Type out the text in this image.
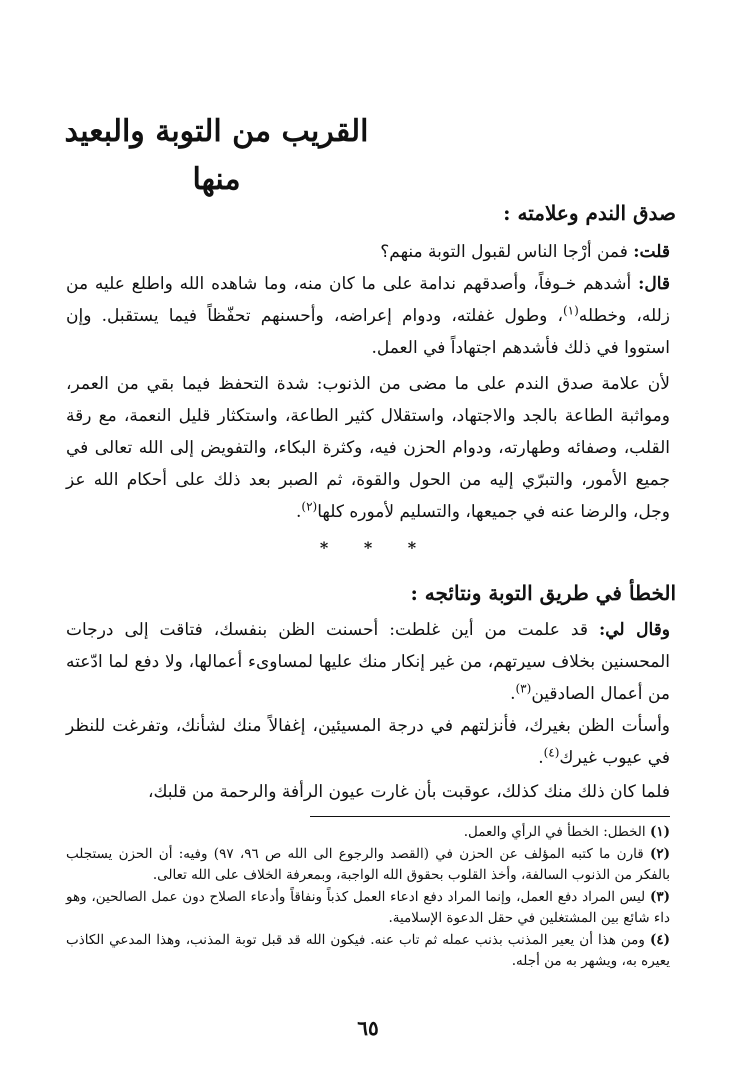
القريب من التوبة والبعيد منها
صدق الندم وعلامته :
قلت: فمن أرْجا الناس لقبول التوبة منهم؟
قال: أشدهم خـوفاً، وأصدقهم ندامة على ما كان منه، وما شاهده الله واطلع عليه من زلله، وخطله$^{(١)}$، وطول غفلته، ودوام إعراضه، وأحسنهم تحفّظاً فيما يستقبل. وإن استووا في ذلك فأشدهم اجتهاداً في العمل.
لأن علامة صدق الندم على ما مضى من الذنوب: شدة التحفظ فيما بقي من العمر، ومواثبة الطاعة بالجد والاجتهاد، واستقلال كثير الطاعة، واستكثار قليل النعمة، مع رقة القلب، وصفائه وطهارته، ودوام الحزن فيه، وكثرة البكاء، والتفويض إلى الله تعالى في جميع الأمور، والتبرّي إليه من الحول والقوة، ثم الصبر بعد ذلك على أحكام الله عز وجل، والرضا عنه في جميعها، والتسليم لأموره كلها$^{(٢)}$.
* * *
الخطأ في طريق التوبة ونتائجه :
وقال لي: قد علمت من أين غلطت: أحسنت الظن بنفسك، فتاقت إلى درجات المحسنين بخلاف سيرتهم، من غير إنكار منك عليها لمساوىء أعمالها، ولا دفع لما ادّعته من أعمال الصادقين$^{(٣)}$.
وأسأت الظن بغيرك، فأنزلتهم في درجة المسيئين، إغفالاً منك لشأنك، وتفرغت للنظر في عيوب غيرك$^{(٤)}$.
فلما كان ذلك منك كذلك، عوقبت بأن غارت عيون الرأفة والرحمة من قلبك،
(١) الخطل: الخطأ في الرأي والعمل.
(٢) قارن ما كتبه المؤلف عن الحزن في (القصد والرجوع الى الله ص ٩٦، ٩٧) وفيه: أن الحزن يستجلب بالفكر من الذنوب السالفة، وأخذ القلوب بحقوق الله الواجبة، وبمعرفة الخلاف على الله تعالى.
(٣) ليس المراد دفع العمل، وإنما المراد دفع ادعاء العمل كذباً ونفاقاً وأدعاء الصلاح دون عمل الصالحين، وهو داء شائع بين المشتغلين في حقل الدعوة الإسلامية.
(٤) ومن هذا أن يعير المذنب بذنب عمله ثم تاب عنه. فيكون الله قد قبل توبة المذنب، وهذا المدعي الكاذب يعيره به، ويشهر به من أجله.
٦٥
